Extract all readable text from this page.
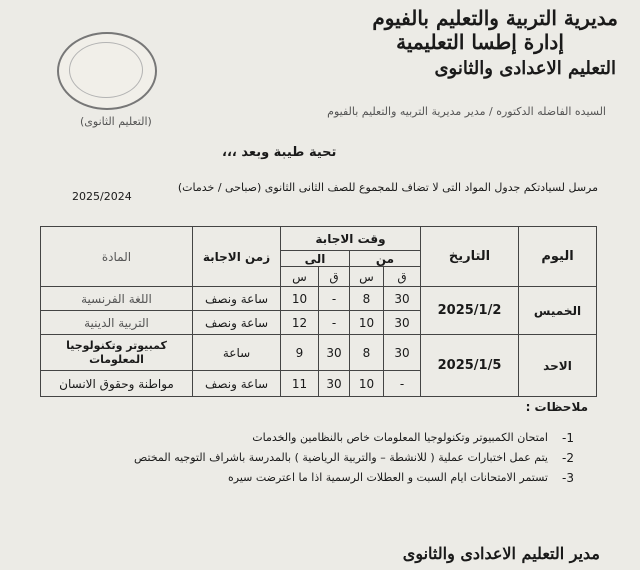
مديرية التربية والتعليم بالفيوم
إدارة إطسا التعليمية
التعليم الاعدادى والثانوى
السيده الفاضله الدكتوره / مدير مديرية التربيه والتعليم بالفيوم
(التعليم الثانوى)
تحية طيبة وبعد ،،،
مرسل لسيادتكم جدول المواد التى لا تضاف للمجموع للصف الثانى الثانوى (صباحى / خدمات)
2025/2024
اليوم	التاريخ	وقت الاجابة				زمن الاجابة	المادة
		من		الى			
		ق	س	ق	س		
الخميس	2025/1/2	30	8	-	10	ساعة ونصف	اللغة الفرنسية
		30	10	-	12	ساعة ونصف	التربية الدينية
الاحد	2025/1/5	30	8	30	9	ساعة	كمبيوتر وتكنولوجيا المعلومات
		-	10	30	11	ساعة ونصف	مواطنة وحقوق الانسان
ملاحظات :
-1
امتحان الكمبيوتر وتكنولوجيا المعلومات خاص بالنظامين والخدمات
-2
يتم عمل اختبارات عملية ( للانشطة – والتربية الرياضية ) بالمدرسة باشراف التوجيه المختص
-3
تستمر الامتحانات ايام السبت و العطلات الرسمية اذا ما اعترضت سيره
مدير التعليم الاعدادى والثانوى
